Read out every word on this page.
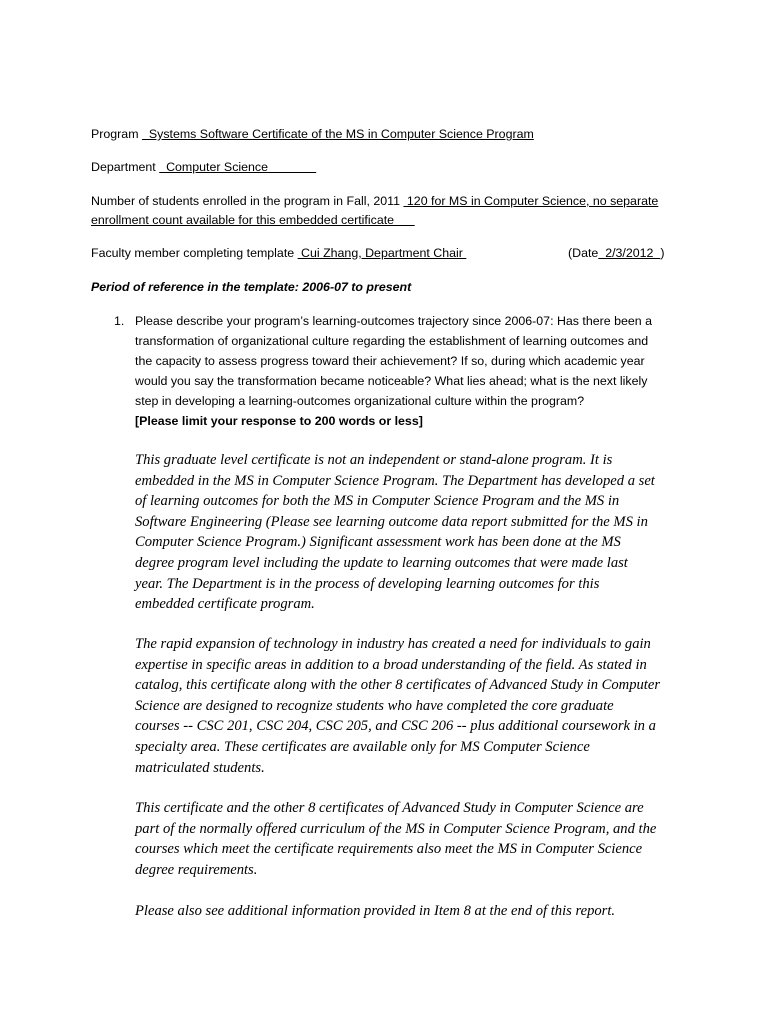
Program   Systems Software Certificate of the MS in Computer Science Program
Department   Computer Science
Number of students enrolled in the program in Fall, 2011  120 for MS in Computer Science, no separate
enrollment count available for this embedded certificate
Faculty member completing template  Cui Zhang, Department Chair	(Date  2/3/2012  )
Period of reference in the template: 2006-07 to present
1. Please describe your program’s learning-outcomes trajectory since 2006-07: Has there been a
transformation of organizational culture regarding the establishment of learning outcomes and
the capacity to assess progress toward their achievement? If so, during which academic year
would you say the transformation became noticeable? What lies ahead; what is the next likely
step in developing a learning-outcomes organizational culture within the program?
[Please limit your response to 200 words or less]
This graduate level certificate is not an independent or stand-alone program. It is
embedded in the MS in Computer Science Program. The Department has developed a set
of learning outcomes for both the MS in Computer Science Program and the MS in
Software Engineering (Please see learning outcome data report submitted for the MS in
Computer Science Program.) Significant assessment work has been done at the MS
degree program level including the update to learning outcomes that were made last
year. The Department is in the process of developing learning outcomes for this
embedded certificate program.
The rapid expansion of technology in industry has created a need for individuals to gain
expertise in specific areas in addition to a broad understanding of the field. As stated in
catalog, this certificate along with the other 8 certificates of Advanced Study in Computer
Science are designed to recognize students who have completed the core graduate
courses -- CSC 201, CSC 204, CSC 205, and CSC 206 -- plus additional coursework in a
specialty area. These certificates are available only for MS Computer Science
matriculated students.
This certificate and the other 8 certificates of Advanced Study in Computer Science are
part of the normally offered curriculum of the MS in Computer Science Program, and the
courses which meet the certificate requirements also meet the MS in Computer Science
degree requirements.
Please also see additional information provided in Item 8 at the end of this report.
